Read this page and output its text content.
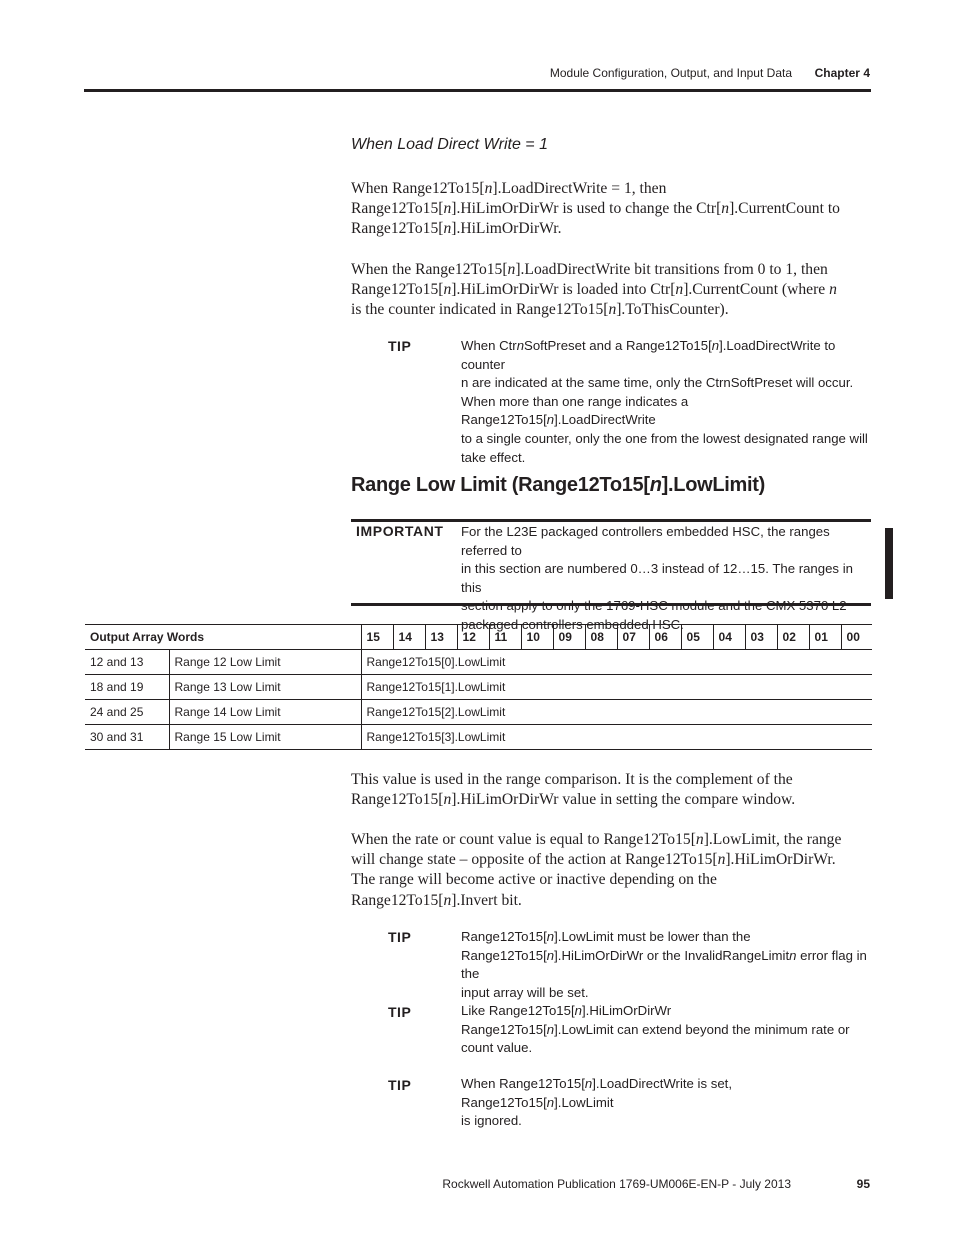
Module Configuration, Output, and Input Data Chapter 4
When Load Direct Write = 1
When Range12To15[n].LoadDirectWrite = 1, then
Range12To15[n].HiLimOrDirWr is used to change the Ctr[n].CurrentCount to
Range12To15[n].HiLimOrDirWr.
When the Range12To15[n].LoadDirectWrite bit transitions from 0 to 1, then
Range12To15[n].HiLimOrDirWr is loaded into Ctr[n].CurrentCount (where n
is the counter indicated in Range12To15[n].ToThisCounter).
TIP	When CtrnSoftPreset and a Range12To15[n].LoadDirectWrite to counter
n are indicated at the same time, only the CtrnSoftPreset will occur.
When more than one range indicates a Range12To15[n].LoadDirectWrite
to a single counter, only the one from the lowest designated range will
take effect.
Range Low Limit (Range12To15[n].LowLimit)
IMPORTANT For the L23E packaged controllers embedded HSC, the ranges referred to
in this section are numbered 0…3 instead of 12…15. The ranges in this

packaged controllers embedded HSC.
Output Array Words		15	14	13	12	11	10	09	08	07	06	05	04	03	02	01	00
12 and 13	Range 12 Low Limit	Range12To15[0].LowLimit															
18 and 19	Range 13 Low Limit	Range12To15[1].LowLimit															
24 and 25	Range 14 Low Limit	Range12To15[2].LowLimit															
30 and 31	Range 15 Low Limit	Range12To15[3].LowLimit															
This value is used in the range comparison. It is the complement of the
Range12To15[n].HiLimOrDirWr value in setting the compare window.
When the rate or count value is equal to Range12To15[n].LowLimit, the range
will change state – opposite of the action at Range12To15[n].HiLimOrDirWr.
The range will become active or inactive depending on the
Range12To15[n].Invert bit.
TIP	Range12To15[n].LowLimit must be lower than the
Range12To15[n].HiLimOrDirWr or the InvalidRangeLimitn error flag in the
input array will be set.
TIP	Like Range12To15[n].HiLimOrDirWr
Range12To15[n].LowLimit can extend beyond the minimum rate or
count value.
TIP	When Range12To15[n].LoadDirectWrite is set, Range12To15[n].LowLimit
is ignored.
Rockwell Automation Publication 1769-UM006E-EN-P - July 2013	95
